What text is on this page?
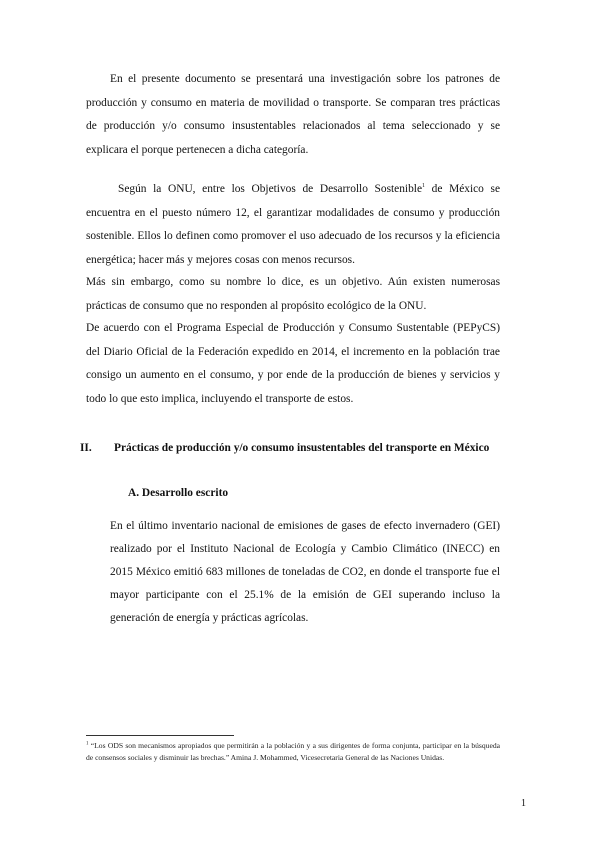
En el presente documento se presentará una investigación sobre los patrones de producción y consumo en materia de movilidad o transporte. Se comparan tres prácticas de producción y/o consumo insustentables relacionados al tema seleccionado y se explicara el porque pertenecen a dicha categoría.

Según la ONU, entre los Objetivos de Desarrollo Sostenible$^1$ de México se encuentra en el puesto número 12, el garantizar modalidades de consumo y producción sostenible. Ellos lo definen como promover el uso adecuado de los recursos y la eficiencia energética; hacer más y mejores cosas con menos recursos.

Más sin embargo, como su nombre lo dice, es un objetivo. Aún existen numerosas prácticas de consumo que no responden al propósito ecológico de la ONU.

De acuerdo con el Programa Especial de Producción y Consumo Sustentable (PEPyCS) del Diario Oficial de la Federación expedido en 2014, el incremento en la población trae consigo un aumento en el consumo, y por ende de la producción de bienes y servicios y todo lo que esto implica, incluyendo el transporte de estos.

II. Prácticas de producción y/o consumo insustentables del transporte en México
A. Desarrollo escrito

En el último inventario nacional de emisiones de gases de efecto invernadero (GEI) realizado por el Instituto Nacional de Ecología y Cambio Climático (INECC) en 2015 México emitió 683 millones de toneladas de CO2, en donde el transporte fue el mayor participante con el 25.1% de la emisión de GEI superando incluso la generación de energía y prácticas agrícolas.

$^1$ “Los ODS son mecanismos apropiados que permitirán a la población y a sus dirigentes de forma conjunta, participar en la búsqueda de consensos sociales y disminuir las brechas.” Amina J. Mohammed, Vicesecretaria General de las Naciones Unidas.

1
